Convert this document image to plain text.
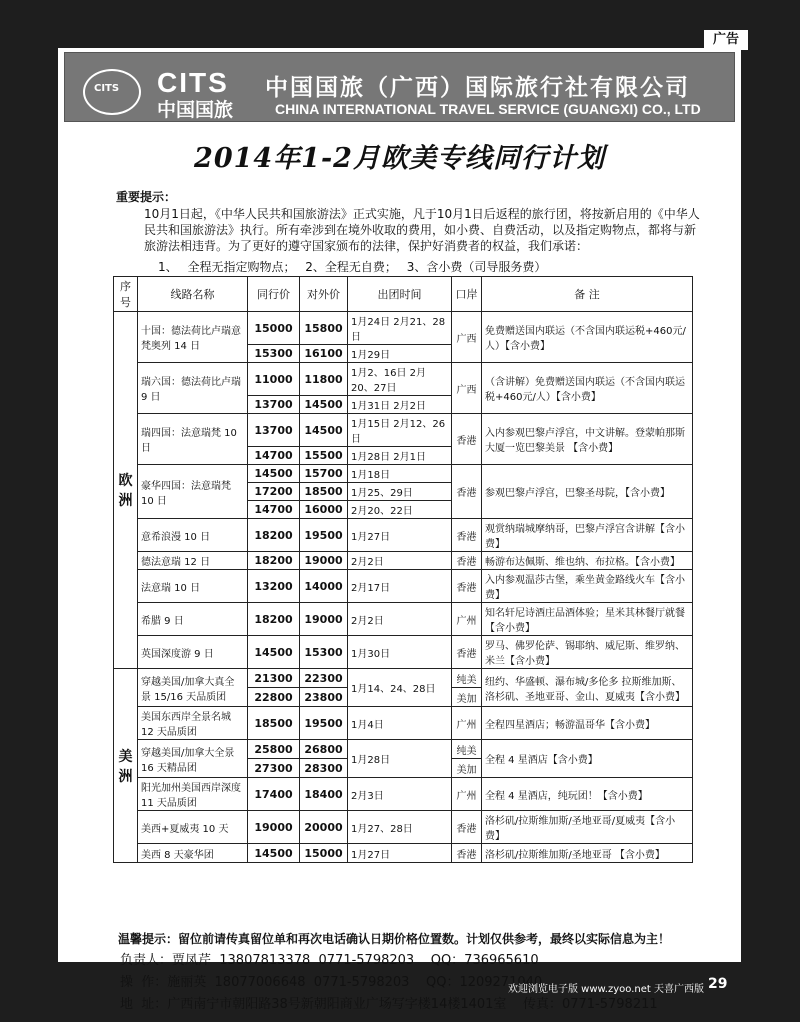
广告
CITS CITS
中国国旅
中国国旅（广西）国际旅行社有限公司
CHINA INTERNATIONAL TRAVEL SERVICE (GUANGXI) CO., LTD
2014年1-2月欧美专线同行计划
重要提示：
10月1日起，《中华人民共和国旅游法》正式实施，凡于10月1日后返程的旅行团，将按新启用的《中华人民共和国旅游法》执行。所有牵涉到在境外收取的费用，如小费、自费活动，以及指定购物点，都将与新旅游法相违背。为了更好的遵守国家颁布的法律，保护好消费者的权益，我们承诺：
1、 全程无指定购物点； 2、全程无自费； 3、含小费（司导服务费）
序号	线路名称	同行价	对外价	出团时间	口岸	备 注
欧洲	十国：德法荷比卢瑞意梵奥列 14 日	15000	15800	1月24日 2月21、28日	广西	免费赠送国内联运（不含国内联运税+460元/人）【含小费】
		15300	16100	1月29日		
	瑞六国：德法荷比卢瑞 9 日	11000	11800	1月2、16日 2月20、27日	广西	（含讲解）免费赠送国内联运（不含国内联运税+460元/人）【含小费】
		13700	14500	1月31日 2月2日		
	瑞四国：法意瑞梵 10 日	13700	14500	1月15日 2月12、26日	香港	入内参观巴黎卢浮宫，中文讲解。登蒙帕那斯大厦一览巴黎美景 【含小费】
		14700	15500	1月28日 2月1日		
	豪华四国：法意瑞梵 10 日	14500	15700	1月18日	香港	参观巴黎卢浮宫，巴黎圣母院，【含小费】
		17200	18500	1月25、29日		
		14700	16000	2月20、22日		
	意希浪漫 10 日	18200	19500	1月27日	香港	观赏纳瑞城摩纳哥，巴黎卢浮宫含讲解【含小费】
	德法意瑞 12 日	18200	19000	2月2日	香港	畅游布达佩斯、维也纳、布拉格。【含小费】
	法意瑞 10 日	13200	14000	2月17日	香港	入内参观温莎古堡，乘坐黄金路线火车【含小费】
	希腊 9 日	18200	19000	2月2日	广州	知名轩尼诗酒庄品酒体验；星米其林餐厅就餐【含小费】
	英国深度游 9 日	14500	15300	1月30日	香港	罗马、佛罗伦萨、锡耶纳、威尼斯、维罗纳、米兰【含小费】
美洲	穿越美国/加拿大真全景 15/16 天品质团	21300	22300	1月14、24、28日	纯美	纽约、华盛顿、瀑布城/多伦多 拉斯维加斯、洛杉矶、圣地亚哥、金山、夏威夷【含小费】
		22800	23800		美加	
	美国东西岸全景名城 12 天品质团	18500	19500	1月4日	广州	全程四星酒店；畅游温哥华【含小费】
	穿越美国/加拿大全景 16 天精品团	25800	26800	1月28日	纯美	全程 4 星酒店【含小费】
		27300	28300		美加	
	阳光加州美国西岸深度 11 天品质团	17400	18400	2月3日	广州	全程 4 星酒店，纯玩团！【含小费】
	美西+夏威夷 10 天	19000	20000	1月27、28日	香港	洛杉矶/拉斯维加斯/圣地亚哥/夏威夷【含小费】
	美西 8 天豪华团	14500	15000	1月27日	香港	洛杉矶/拉斯维加斯/圣地亚哥 【含小费】
温馨提示：留位前请传真留位单和再次电话确认日期价格位置数。计划仅供参考，最终以实际信息为主！
负责人：贾凤芹  13807813378  0771-5798203    QQ：736965610
操  作：施丽英  18077006648  0771-5798203    QQ：1209271040
地  址：广西南宁市朝阳路38号新朝阳商业广场写字楼14楼1401室    传真：0771-5798211
欢迎浏览电子版 www.zyoo.net 天喜广西版 29
